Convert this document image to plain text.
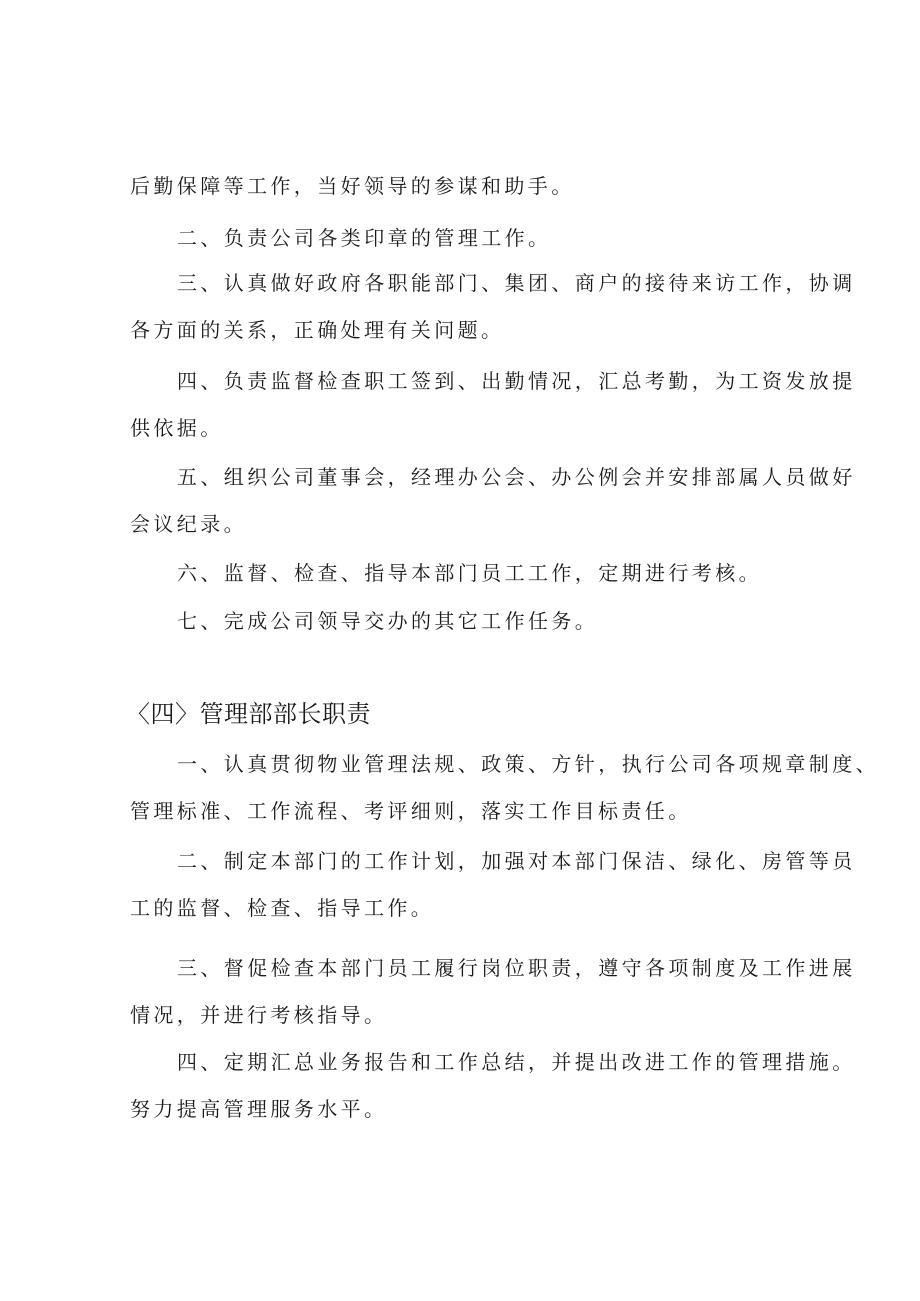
后勤保障等工作，当好领导的参谋和助手。
二、负责公司各类印章的管理工作。
三、认真做好政府各职能部门、集团、商户的接待来访工作，协调
各方面的关系，正确处理有关问题。
四、负责监督检查职工签到、出勤情况，汇总考勤，为工资发放提
供依据。
五、组织公司董事会，经理办公会、办公例会并安排部属人员做好
会议纪录。
六、监督、检查、指导本部门员工工作，定期进行考核。
七、完成公司领导交办的其它工作任务。
〈四〉管理部部长职责
一、认真贯彻物业管理法规、政策、方针，执行公司各项规章制度、
管理标准、工作流程、考评细则，落实工作目标责任。
二、制定本部门的工作计划，加强对本部门保洁、绿化、房管等员
工的监督、检查、指导工作。
三、督促检查本部门员工履行岗位职责，遵守各项制度及工作进展
情况，并进行考核指导。
四、定期汇总业务报告和工作总结，并提出改进工作的管理措施。
努力提高管理服务水平。
